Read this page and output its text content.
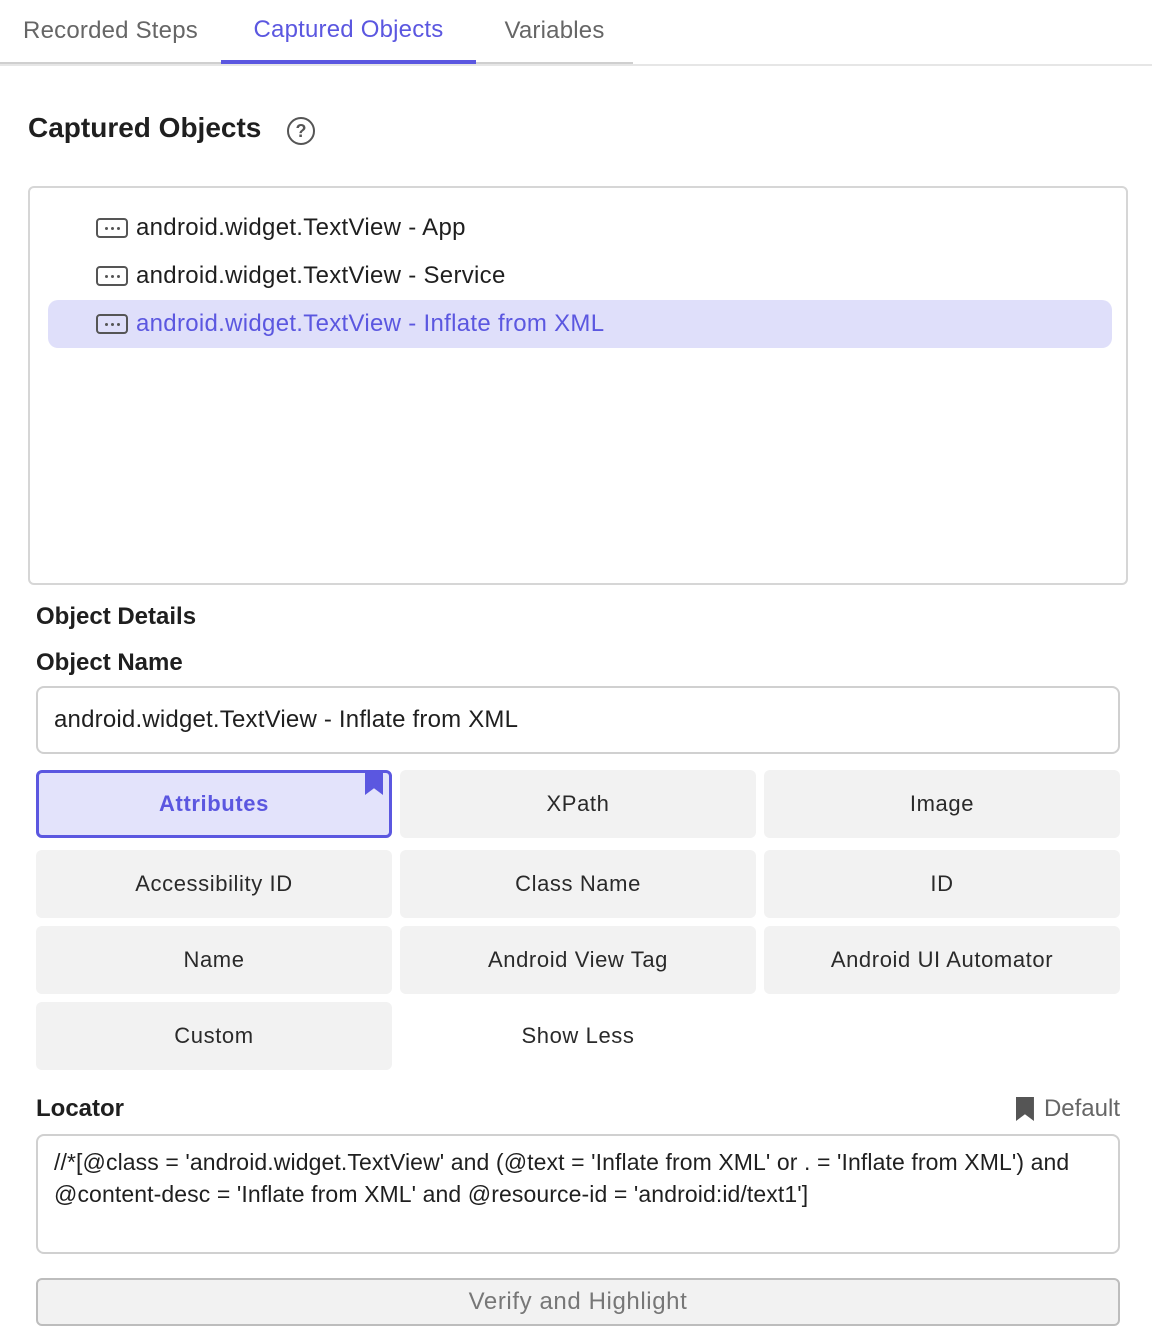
Recorded Steps	Captured Objects	Variables
Captured Objects	?
android.widget.TextView - App
android.widget.TextView - Service
android.widget.TextView - Inflate from XML
Object Details
Object Name
android.widget.TextView - Inflate from XML
Attributes	XPath	Image
Accessibility ID	Class Name	ID
Name	Android View Tag	Android UI Automator
Custom	Show Less
Locator	Default
//*[@class = 'android.widget.TextView' and (@text = 'Inflate from XML' or . = 'Inflate from XML') and @content-desc = 'Inflate from XML' and @resource-id = 'android:id/text1']
Verify and Highlight
